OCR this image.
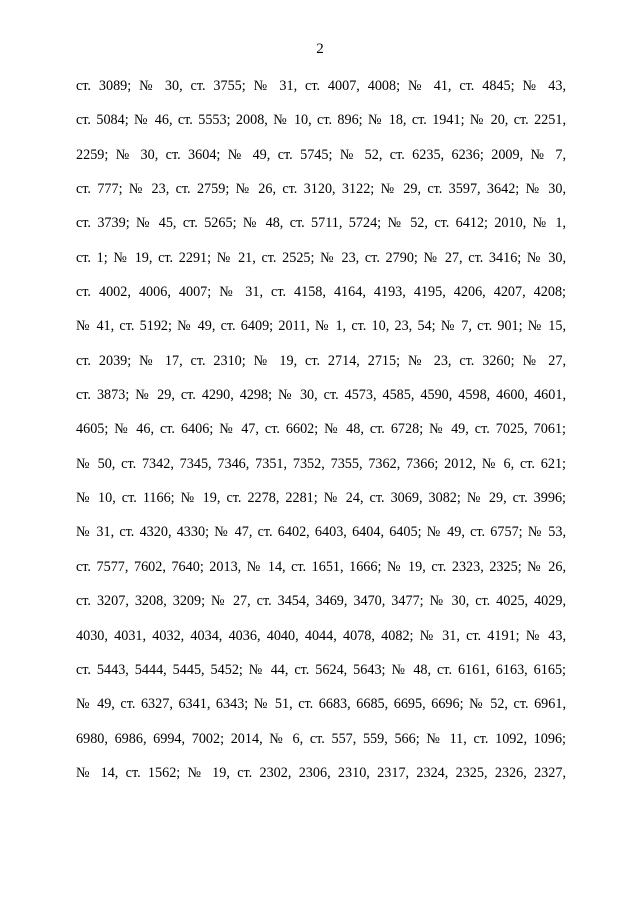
2
ст. 3089; № 30, ст. 3755; № 31, ст. 4007, 4008; № 41, ст. 4845; № 43,
ст. 5084; № 46, ст. 5553; 2008, № 10, ст. 896; № 18, ст. 1941; № 20, ст. 2251,
2259; № 30, ст. 3604; № 49, ст. 5745; № 52, ст. 6235, 6236; 2009, № 7,
ст. 777; № 23, ст. 2759; № 26, ст. 3120, 3122; № 29, ст. 3597, 3642; № 30,
ст. 3739; № 45, ст. 5265; № 48, ст. 5711, 5724; № 52, ст. 6412; 2010, № 1,
ст. 1; № 19, ст. 2291; № 21, ст. 2525; № 23, ст. 2790; № 27, ст. 3416; № 30,
ст. 4002, 4006, 4007; № 31, ст. 4158, 4164, 4193, 4195, 4206, 4207, 4208;
№ 41, ст. 5192; № 49, ст. 6409; 2011, № 1, ст. 10, 23, 54; № 7, ст. 901; № 15,
ст. 2039; № 17, ст. 2310; № 19, ст. 2714, 2715; № 23, ст. 3260; № 27,
ст. 3873; № 29, ст. 4290, 4298; № 30, ст. 4573, 4585, 4590, 4598, 4600, 4601,
4605; № 46, ст. 6406; № 47, ст. 6602; № 48, ст. 6728; № 49, ст. 7025, 7061;
№ 50, ст. 7342, 7345, 7346, 7351, 7352, 7355, 7362, 7366; 2012, № 6, ст. 621;
№ 10, ст. 1166; № 19, ст. 2278, 2281; № 24, ст. 3069, 3082; № 29, ст. 3996;
№ 31, ст. 4320, 4330; № 47, ст. 6402, 6403, 6404, 6405; № 49, ст. 6757; № 53,
ст. 7577, 7602, 7640; 2013, № 14, ст. 1651, 1666; № 19, ст. 2323, 2325; № 26,
ст. 3207, 3208, 3209; № 27, ст. 3454, 3469, 3470, 3477; № 30, ст. 4025, 4029,
4030, 4031, 4032, 4034, 4036, 4040, 4044, 4078, 4082; № 31, ст. 4191; № 43,
ст. 5443, 5444, 5445, 5452; № 44, ст. 5624, 5643; № 48, ст. 6161, 6163, 6165;
№ 49, ст. 6327, 6341, 6343; № 51, ст. 6683, 6685, 6695, 6696; № 52, ст. 6961,
6980, 6986, 6994, 7002; 2014, № 6, ст. 557, 559, 566; № 11, ст. 1092, 1096;
№ 14, ст. 1562; № 19, ст. 2302, 2306, 2310, 2317, 2324, 2325, 2326, 2327,
